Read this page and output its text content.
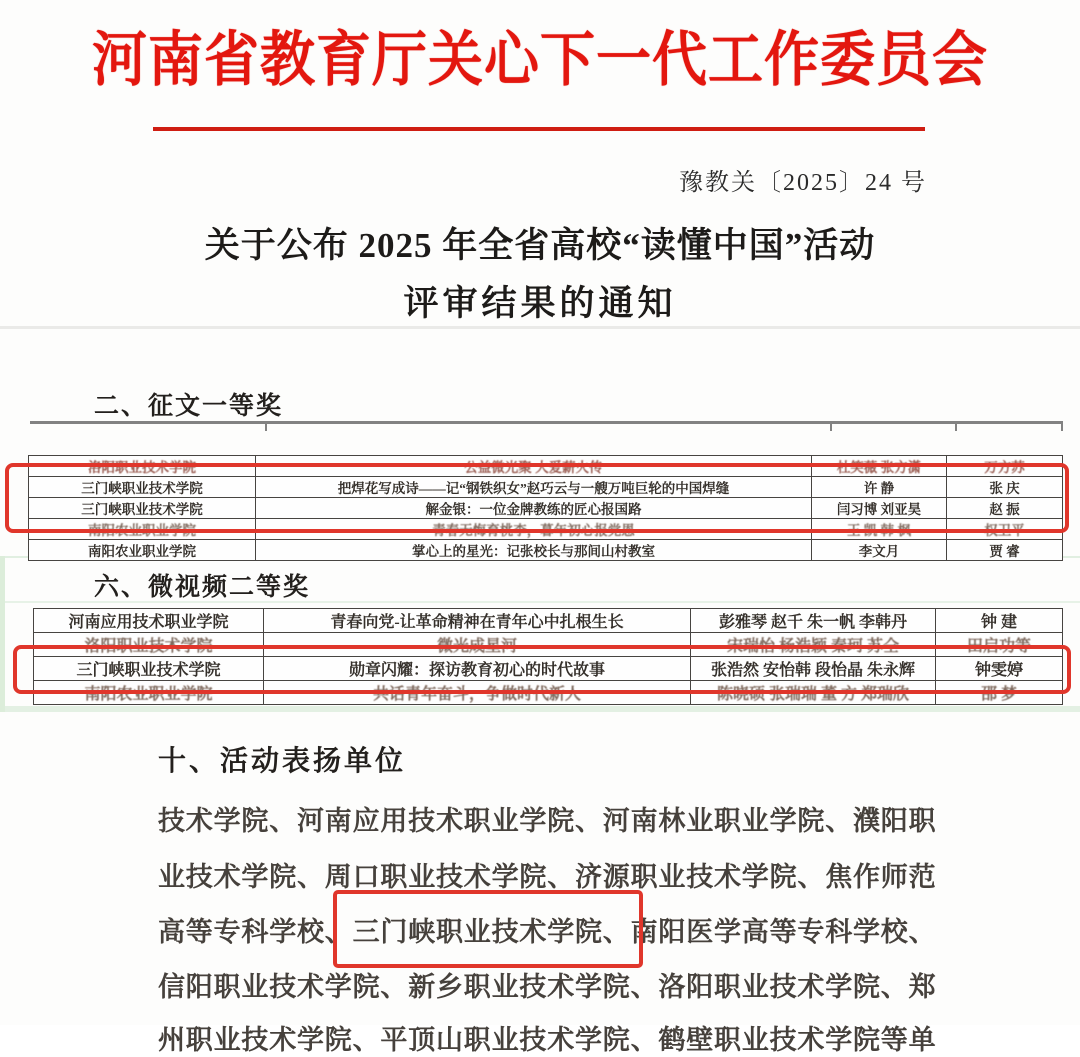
河南省教育厅关心下一代工作委员会
豫教关〔2025〕24 号
关于公布 2025 年全省高校“读懂中国”活动
评审结果的通知
二、征文一等奖
洛阳职业技术学院	公益微光聚 大爱薪火传	杜笑薇 张方潇	万方苏
三门峡职业技术学院	把焊花写成诗——记“钢铁织女”赵巧云与一艘万吨巨轮的中国焊缝	许 静	张 庆
三门峡职业技术学院	解金银：一位金牌教练的匠心报国路	闫习博 刘亚昊	赵 振
南阳农业职业学院	青春无悔育桃李，暮年初心报党恩	王 凯 韩 枫	权卫平
南阳农业职业学院	掌心上的星光：记张校长与那间山村教室	李文月	贾 睿
六、微视频二等奖
河南应用技术职业学院	青春向党-让革命精神在青年心中扎根生长	彭雅琴 赵千 朱一帆 李韩丹	钟 建
洛阳职业技术学院	微光成星河	宋瑞怡 杨浩颖 秦珂 苏仝	田启功等
三门峡职业技术学院	勋章闪耀：探访教育初心的时代故事	张浩然 安怡韩 段怡晶 朱永辉	钟雯婷
南阳农业职业学院	共话青年奋斗，争做时代新人	陈晓硕 张瑞瑞 董 方 郑瑞欣	邵 梦
十、活动表扬单位
技术学院、河南应用技术职业学院、河南林业职业学院、濮阳职
业技术学院、周口职业技术学院、济源职业技术学院、焦作师范
高等专科学校、三门峡职业技术学院、南阳医学高等专科学校、
信阳职业技术学院、新乡职业技术学院、洛阳职业技术学院、郑
州职业技术学院、平顶山职业技术学院、鹤壁职业技术学院等单
